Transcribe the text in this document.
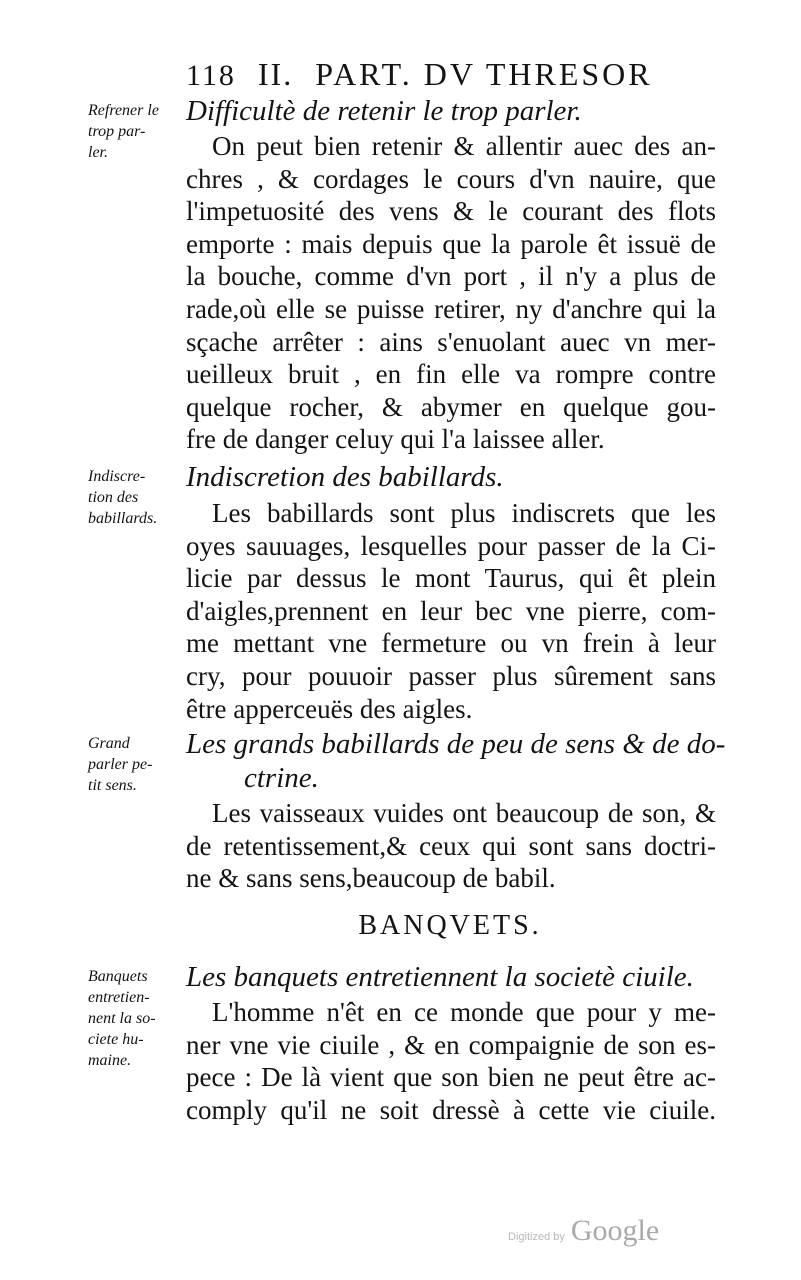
118 II. PART. DV THRESOR
Refrener le
trop par-
ler.
Difficultè de retenir le trop parler.
On peut bien retenir & allentir auec des an-
chres , & cordages le cours d'vn nauire, que
l'impetuosité des vens & le courant des flots
emporte : mais depuis que la parole êt issuë de
la bouche, comme d'vn port , il n'y a plus de
rade,où elle se puisse retirer, ny d'anchre qui la
sçache arrêter : ains s'enuolant auec vn mer-
ueilleux bruit , en fin elle va rompre contre
quelque rocher, & abymer en quelque gou-
fre de danger celuy qui l'a laissee aller.
Indiscre-
tion des
babillards.
Indiscretion des babillards.
Les babillards sont plus indiscrets que les
oyes sauuages, lesquelles pour passer de la Ci-
licie par dessus le mont Taurus, qui êt plein
d'aigles,prennent en leur bec vne pierre, com-
me mettant vne fermeture ou vn frein à leur
cry, pour pouuoir passer plus sûrement sans
être apperceuës des aigles.
Grand
parler pe-
tit sens.
Les grands babillards de peu de sens & de do-
ctrine.
Les vaisseaux vuides ont beaucoup de son, &
de retentissement,& ceux qui sont sans doctri-
ne & sans sens,beaucoup de babil.
BANQVETS.
Banquets
entretien-
nent la so-
ciete hu-
maine.
Les banquets entretiennent la societè ciuile.
L'homme n'êt en ce monde que pour y me-
ner vne vie ciuile , & en compaignie de son es-
pece : De là vient que son bien ne peut être ac-
comply qu'il ne soit dressè à cette vie ciuile.
Digitized by Google
